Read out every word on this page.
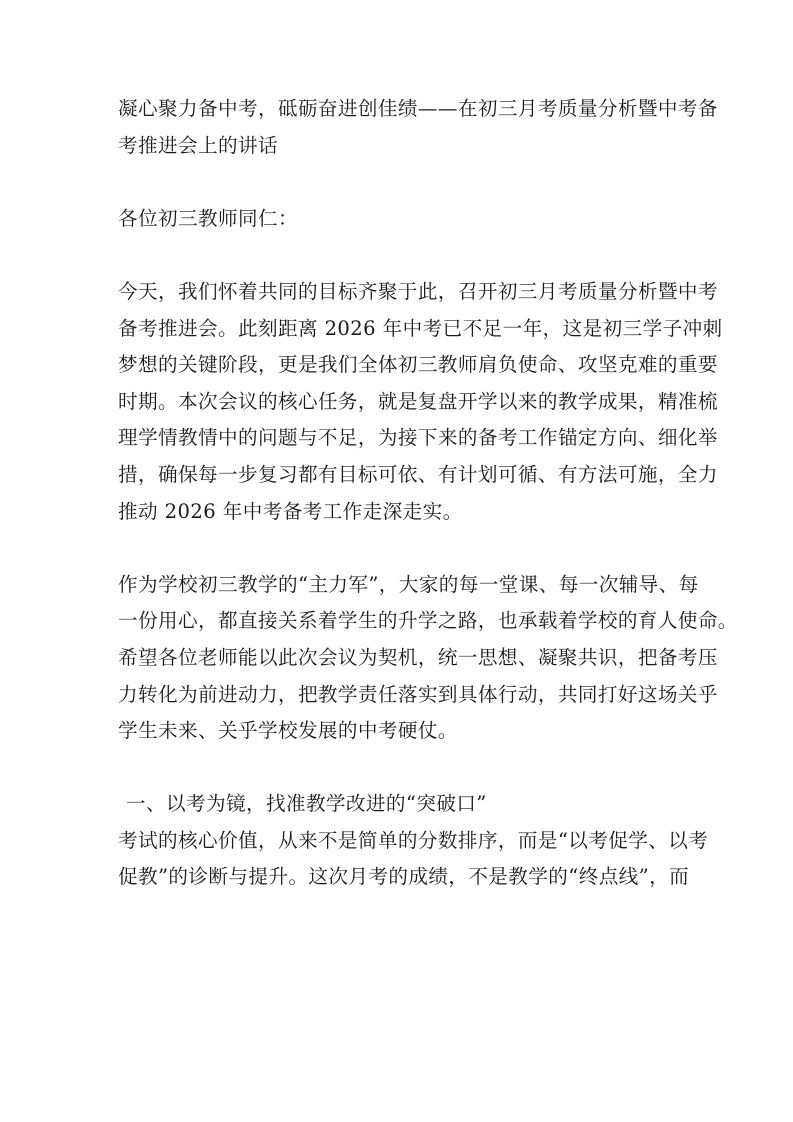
凝心聚力备中考，砥砺奋进创佳绩——在初三月考质量分析暨中考备
考推进会上的讲话
各位初三教师同仁：
今天，我们怀着共同的目标齐聚于此，召开初三月考质量分析暨中考
备考推进会。此刻距离 2026 年中考已不足一年，这是初三学子冲刺
梦想的关键阶段，更是我们全体初三教师肩负使命、攻坚克难的重要
时期。本次会议的核心任务，就是复盘开学以来的教学成果，精准梳
理学情教情中的问题与不足，为接下来的备考工作锚定方向、细化举
措，确保每一步复习都有目标可依、有计划可循、有方法可施，全力
推动 2026 年中考备考工作走深走实。
作为学校初三教学的“主力军”，大家的每一堂课、每一次辅导、每
一份用心，都直接关系着学生的升学之路，也承载着学校的育人使命。
希望各位老师能以此次会议为契机，统一思想、凝聚共识，把备考压
力转化为前进动力，把教学责任落实到具体行动，共同打好这场关乎
学生未来、关乎学校发展的中考硬仗。
一、以考为镜，找准教学改进的“突破口”
考试的核心价值，从来不是简单的分数排序，而是“以考促学、以考
促教”的诊断与提升。这次月考的成绩，不是教学的“终点线”，而
